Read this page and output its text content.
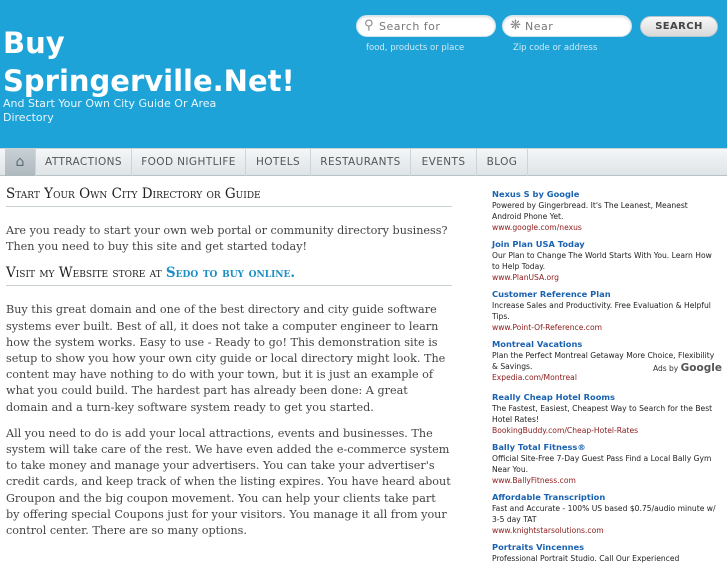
Buy Springerville.Net!
And Start Your Own City Guide Or Area Directory
⚲ Search for
food, products or place
❋ Near
Zip code or address
SEARCH
⌂	ATTRACTIONS	FOOD NIGHTLIFE	HOTELS	RESTAURANTS	EVENTS	BLOG
Start Your Own City Directory or Guide

Are you ready to start your own web portal or community directory business? Then you need to buy this site and get started today!

Visit my Website store at Sedo to buy online.

Buy this great domain and one of the best directory and city guide software systems ever built. Best of all, it does not take a computer engineer to learn how the system works. Easy to use - Ready to go! This demonstration site is setup to show you how your own city guide or local directory might look. The content may have nothing to do with your town, but it is just an example of what you could build. The hardest part has already been done: A great domain and a turn-key software system ready to get you started.

All you need to do is add your local attractions, events and businesses. The system will take care of the rest. We have even added the e-commerce system to take money and manage your advertisers. You can take your advertiser's credit cards, and keep track of when the listing expires. You have heard about Groupon and the big coupon movement. You can help your clients take part by offering special Coupons just for your visitors. You manage it all from your control center. There are so many options.

Nexus S by Google
Powered by Gingerbread. It's The Leanest, Meanest Android Phone Yet.
www.google.com/nexus
Join Plan USA Today
Our Plan to Change The World Starts With You. Learn How to Help Today.
www.PlanUSA.org
Customer Reference Plan
Increase Sales and Productivity. Free Evaluation & Helpful Tips.
www.Point-Of-Reference.com
Montreal Vacations
Plan the Perfect Montreal Getaway More Choice, Flexibility & Savings.
Expedia.com/Montreal
Ads by Google
Really Cheap Hotel Rooms
The Fastest, Easiest, Cheapest Way to Search for the Best Hotel Rates!
BookingBuddy.com/Cheap-Hotel-Rates
Bally Total Fitness®
Official Site-Free 7-Day Guest Pass Find a Local Bally Gym Near You.
www.BallyFitness.com
Affordable Transcription
Fast and Accurate - 100% US based $0.75/audio minute w/ 3-5 day TAT
www.knightstarsolutions.com
Portraits Vincennes
Professional Portrait Studio. Call Our Experienced
